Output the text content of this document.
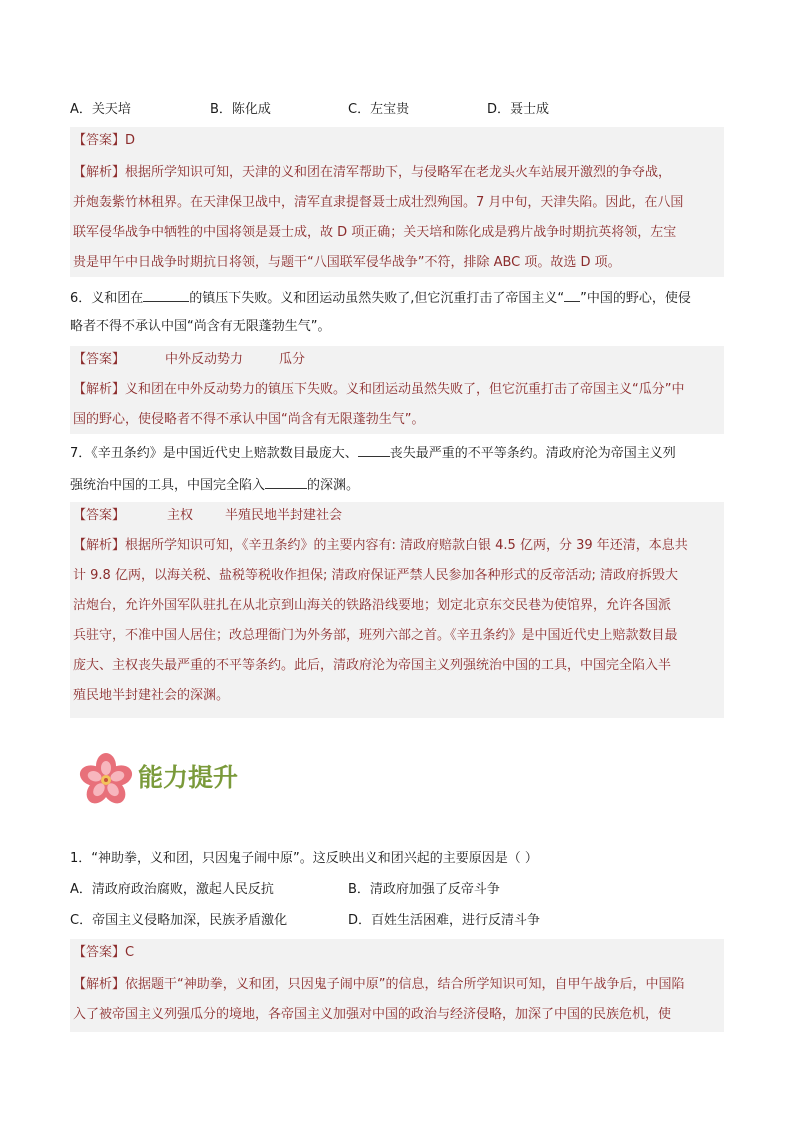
A．关天培	B．陈化成	C．左宝贵	D．聂士成
【答案】D
【解析】根据所学知识可知，天津的义和团在清军帮助下，与侵略军在老龙头火车站展开激烈的争夺战，
并炮轰紫竹林租界。在天津保卫战中，清军直隶提督聂士成壮烈殉国。7 月中旬，天津失陷。因此，在八国
联军侵华战争中牺牲的中国将领是聂士成，故 D 项正确；关天培和陈化成是鸦片战争时期抗英将领，左宝
贵是甲午中日战争时期抗日将领，与题干“八国联军侵华战争”不符，排除 ABC 项。故选 D 项。
6．义和团在	的镇压下失败。义和团运动虽然失败了,但它沉重打击了帝国主义“ ”中国的野心，使侵
略者不得不承认中国“尚含有无限蓬勃生气”。
【答案】	中外反动势力	瓜分
【解析】义和团在中外反动势力的镇压下失败。义和团运动虽然失败了，但它沉重打击了帝国主义“瓜分”中
国的野心，使侵略者不得不承认中国“尚含有无限蓬勃生气”。
7．《辛丑条约》是中国近代史上赔款数目最庞大、 丧失最严重的不平等条约。清政府沦为帝国主义列
强统治中国的工具，中国完全陷入	的深渊。
【答案】	主权 半殖民地半封建社会
【解析】根据所学知识可知，《辛丑条约》的主要内容有: 清政府赔款白银 4.5 亿两，分 39 年还清，本息共
计 9.8 亿两，以海关税、盐税等税收作担保; 清政府保证严禁人民参加各种形式的反帝活动; 清政府拆毁大
沽炮台，允许外国军队驻扎在从北京到山海关的铁路沿线要地；划定北京东交民巷为使馆界，允许各国派
兵驻守，不准中国人居住；改总理衙门为外务部，班列六部之首。《辛丑条约》是中国近代史上赔款数目最
庞大、主权丧失最严重的不平等条约。此后，清政府沦为帝国主义列强统治中国的工具，中国完全陷入半
殖民地半封建社会的深渊。
能力提升
1．“神助拳，义和团，只因鬼子闹中原”。这反映出义和团兴起的主要原因是（ ）
A．清政府政治腐败，激起人民反抗	B．清政府加强了反帝斗争
C．帝国主义侵略加深，民族矛盾激化	D．百姓生活困难，进行反清斗争
【答案】C
【解析】依据题干“神助拳，义和团，只因鬼子闹中原”的信息，结合所学知识可知，自甲午战争后，中国陷
入了被帝国主义列强瓜分的境地，各帝国主义加强对中国的政治与经济侵略，加深了中国的民族危机，使
